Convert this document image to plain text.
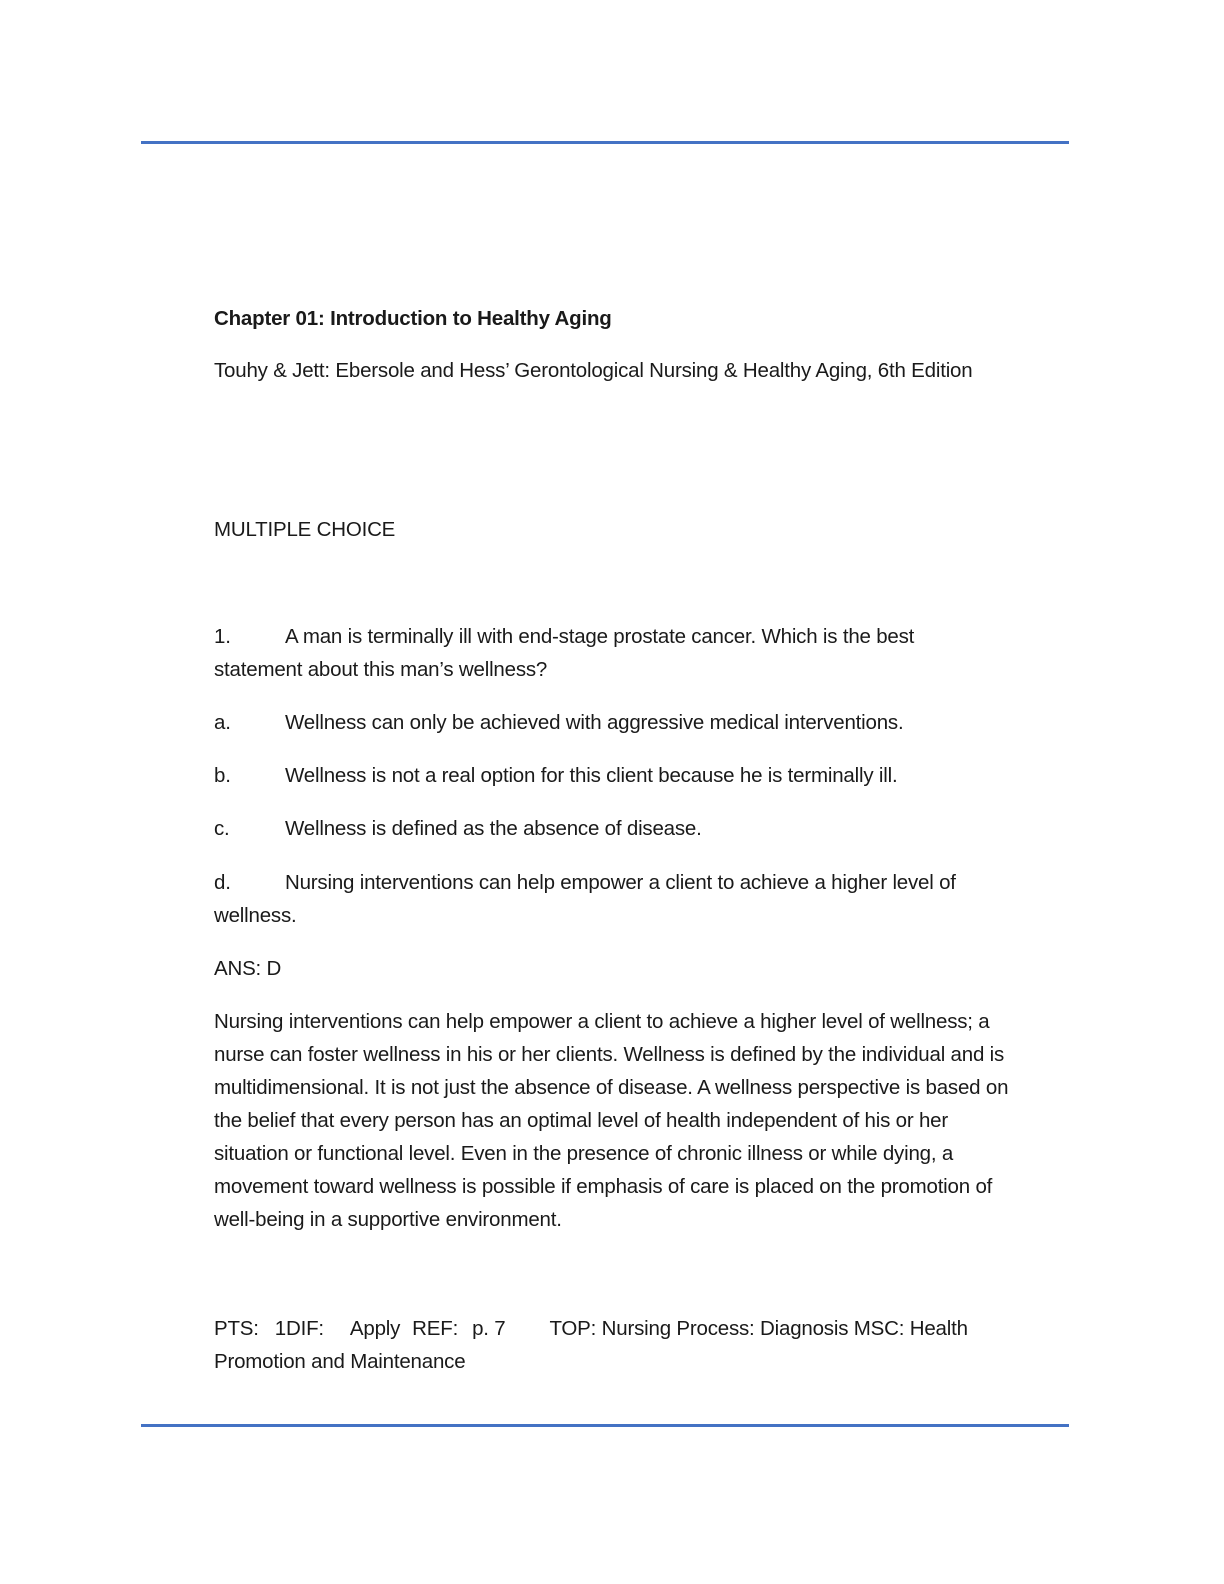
Chapter 01: Introduction to Healthy Aging

Touhy & Jett: Ebersole and Hess’ Gerontological Nursing & Healthy Aging, 6th Edition

MULTIPLE CHOICE

1.	A man is terminally ill with end-stage prostate cancer. Which is the best
statement about this man’s wellness?
a.	Wellness can only be achieved with aggressive medical interventions.
b.	Wellness is not a real option for this client because he is terminally ill.
c.	Wellness is defined as the absence of disease.
d.	Nursing interventions can help empower a client to achieve a higher level of
wellness.

ANS: D

Nursing interventions can help empower a client to achieve a higher level of wellness; a
nurse can foster wellness in his or her clients. Wellness is defined by the individual and is
multidimensional. It is not just the absence of disease. A wellness perspective is based on
the belief that every person has an optimal level of health independent of his or her
situation or functional level. Even in the presence of chronic illness or while dying, a
movement toward wellness is possible if emphasis of care is placed on the promotion of
well-being in a supportive environment.
PTS: 1DIF: Apply REF: p. 7 TOP: Nursing Process: Diagnosis MSC: Health
Promotion and Maintenance
